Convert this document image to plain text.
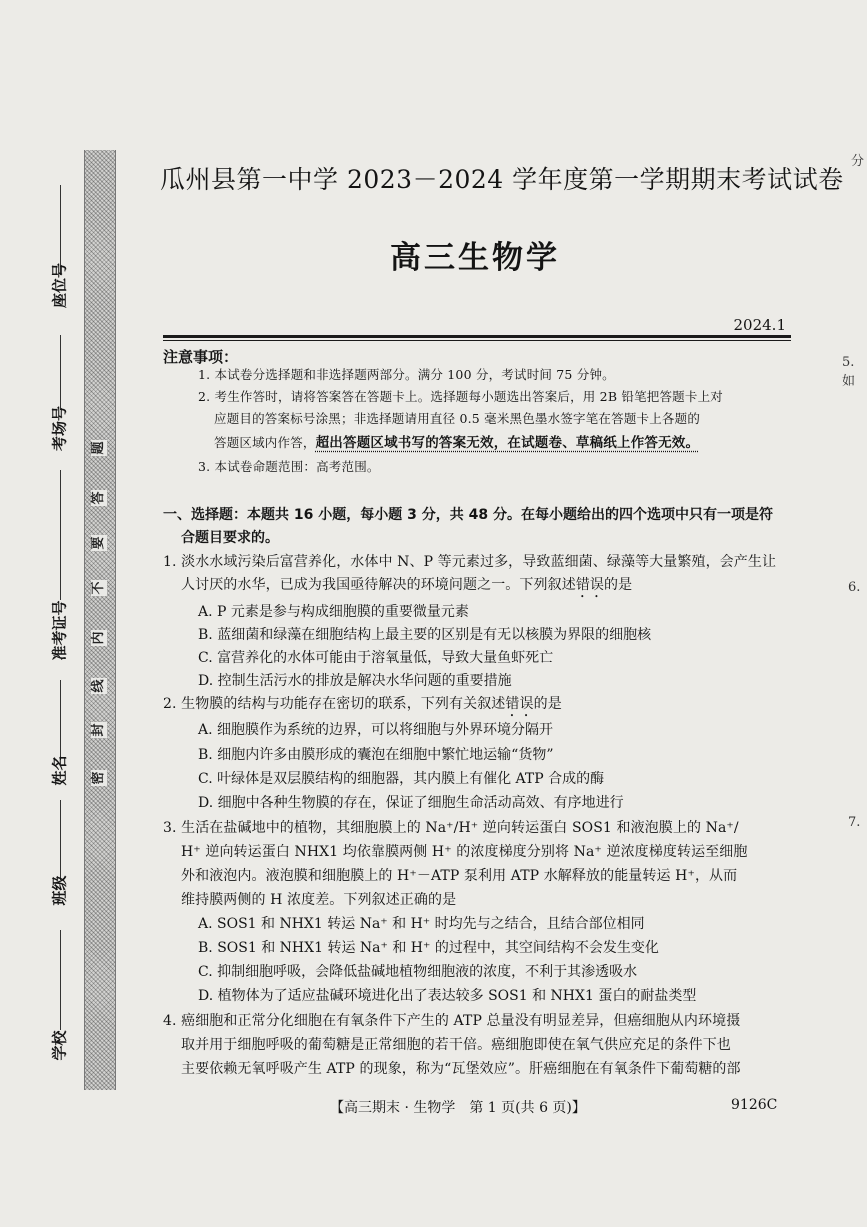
密
封
线
内
不
要
答
题
座位号
考场号
准考证号
姓名
班级
学校
分
5. 如
6.
7.
瓜州县第一中学 2023－2024 学年度第一学期期末考试试卷
高三生物学
2024.1
注意事项：
1. 本试卷分选择题和非选择题两部分。满分 100 分，考试时间 75 分钟。
2. 考生作答时，请将答案答在答题卡上。选择题每小题选出答案后，用 2B 铅笔把答题卡上对
应题目的答案标号涂黑；非选择题请用直径 0.5 毫米黑色墨水签字笔在答题卡上各题的
答题区域内作答，超出答题区域书写的答案无效，在试题卷、草稿纸上作答无效。
3. 本试卷命题范围：高考范围。
一、选择题：本题共 16 小题，每小题 3 分，共 48 分。在每小题给出的四个选项中只有一项是符
合题目要求的。
1. 淡水水域污染后富营养化，水体中 N、P 等元素过多，导致蓝细菌、绿藻等大量繁殖，会产生让
人讨厌的水华，已成为我国亟待解决的环境问题之一。下列叙述错误的是
A. P 元素是参与构成细胞膜的重要微量元素
B. 蓝细菌和绿藻在细胞结构上最主要的区别是有无以核膜为界限的细胞核
C. 富营养化的水体可能由于溶氧量低，导致大量鱼虾死亡
D. 控制生活污水的排放是解决水华问题的重要措施
2. 生物膜的结构与功能存在密切的联系，下列有关叙述错误的是
A. 细胞膜作为系统的边界，可以将细胞与外界环境分隔开
B. 细胞内许多由膜形成的囊泡在细胞中繁忙地运输“货物”
C. 叶绿体是双层膜结构的细胞器，其内膜上有催化 ATP 合成的酶
D. 细胞中各种生物膜的存在，保证了细胞生命活动高效、有序地进行
3. 生活在盐碱地中的植物，其细胞膜上的 Na⁺/H⁺ 逆向转运蛋白 SOS1 和液泡膜上的 Na⁺/
H⁺ 逆向转运蛋白 NHX1 均依靠膜两侧 H⁺ 的浓度梯度分别将 Na⁺ 逆浓度梯度转运至细胞
外和液泡内。液泡膜和细胞膜上的 H⁺－ATP 泵利用 ATP 水解释放的能量转运 H⁺，从而
维持膜两侧的 H 浓度差。下列叙述正确的是
A. SOS1 和 NHX1 转运 Na⁺ 和 H⁺ 时均先与之结合，且结合部位相同
B. SOS1 和 NHX1 转运 Na⁺ 和 H⁺ 的过程中，其空间结构不会发生变化
C. 抑制细胞呼吸，会降低盐碱地植物细胞液的浓度，不利于其渗透吸水
D. 植物体为了适应盐碱环境进化出了表达较多 SOS1 和 NHX1 蛋白的耐盐类型
4. 癌细胞和正常分化细胞在有氧条件下产生的 ATP 总量没有明显差异，但癌细胞从内环境摄
取并用于细胞呼吸的葡萄糖是正常细胞的若干倍。癌细胞即使在氧气供应充足的条件下也
主要依赖无氧呼吸产生 ATP 的现象，称为“瓦堡效应”。肝癌细胞在有氧条件下葡萄糖的部
【高三期末 · 生物学　第 1 页(共 6 页)】	9126C
